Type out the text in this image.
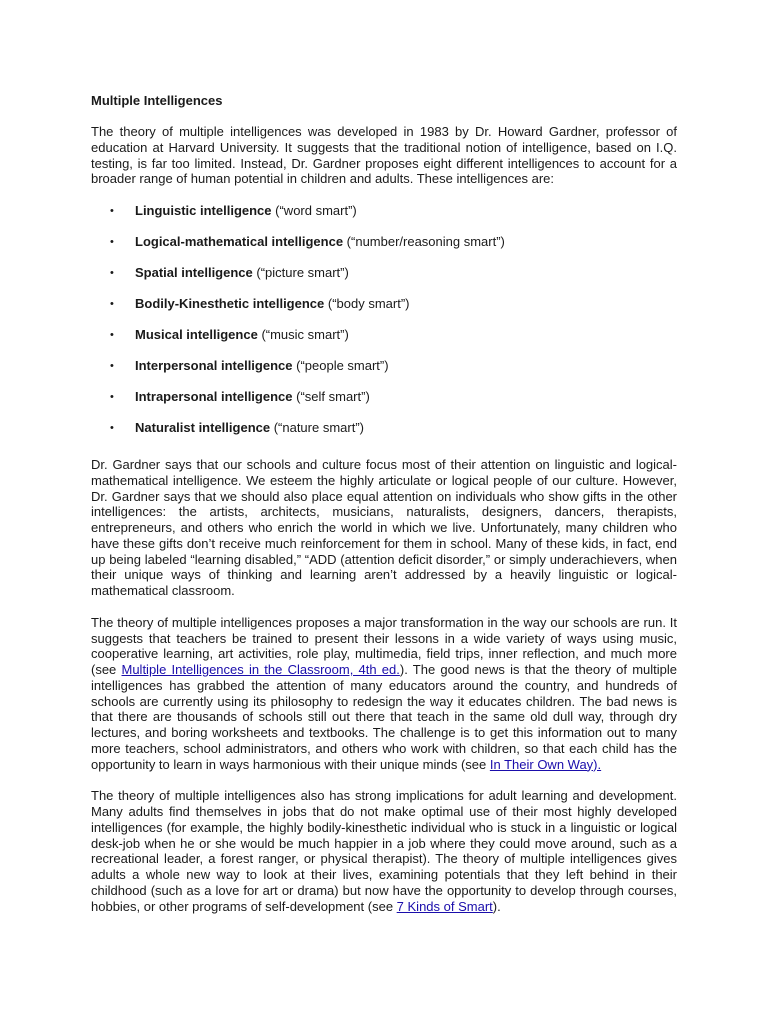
Multiple Intelligences

The theory of multiple intelligences was developed in 1983 by Dr. Howard Gardner, professor of education at Harvard University. It suggests that the traditional notion of intelligence, based on I.Q. testing, is far too limited. Instead, Dr. Gardner proposes eight different intelligences to account for a broader range of human potential in children and adults. These intelligences are:

• Linguistic intelligence (“word smart”)
• Logical-mathematical intelligence (“number/reasoning smart”)
• Spatial intelligence (“picture smart”)
• Bodily-Kinesthetic intelligence (“body smart”)
• Musical intelligence (“music smart”)
• Interpersonal intelligence (“people smart”)
• Intrapersonal intelligence (“self smart”)
• Naturalist intelligence (“nature smart”)

Dr. Gardner says that our schools and culture focus most of their attention on linguistic and logical-mathematical intelligence. We esteem the highly articulate or logical people of our culture. However, Dr. Gardner says that we should also place equal attention on individuals who show gifts in the other intelligences: the artists, architects, musicians, naturalists, designers, dancers, therapists, entrepreneurs, and others who enrich the world in which we live. Unfortunately, many children who have these gifts don’t receive much reinforcement for them in school. Many of these kids, in fact, end up being labeled “learning disabled,” “ADD (attention deficit disorder,” or simply underachievers, when their unique ways of thinking and learning aren’t addressed by a heavily linguistic or logical-mathematical classroom.

The theory of multiple intelligences proposes a major transformation in the way our schools are run. It suggests that teachers be trained to present their lessons in a wide variety of ways using music, cooperative learning, art activities, role play, multimedia, field trips, inner reflection, and much more (see Multiple Intelligences in the Classroom, 4th ed.). The good news is that the theory of multiple intelligences has grabbed the attention of many educators around the country, and hundreds of schools are currently using its philosophy to redesign the way it educates children. The bad news is that there are thousands of schools still out there that teach in the same old dull way, through dry lectures, and boring worksheets and textbooks. The challenge is to get this information out to many more teachers, school administrators, and others who work with children, so that each child has the opportunity to learn in ways harmonious with their unique minds (see In Their Own Way).

The theory of multiple intelligences also has strong implications for adult learning and development. Many adults find themselves in jobs that do not make optimal use of their most highly developed intelligences (for example, the highly bodily-kinesthetic individual who is stuck in a linguistic or logical desk-job when he or she would be much happier in a job where they could move around, such as a recreational leader, a forest ranger, or physical therapist). The theory of multiple intelligences gives adults a whole new way to look at their lives, examining potentials that they left behind in their childhood (such as a love for art or drama) but now have the opportunity to develop through courses, hobbies, or other programs of self-development (see 7 Kinds of Smart).
